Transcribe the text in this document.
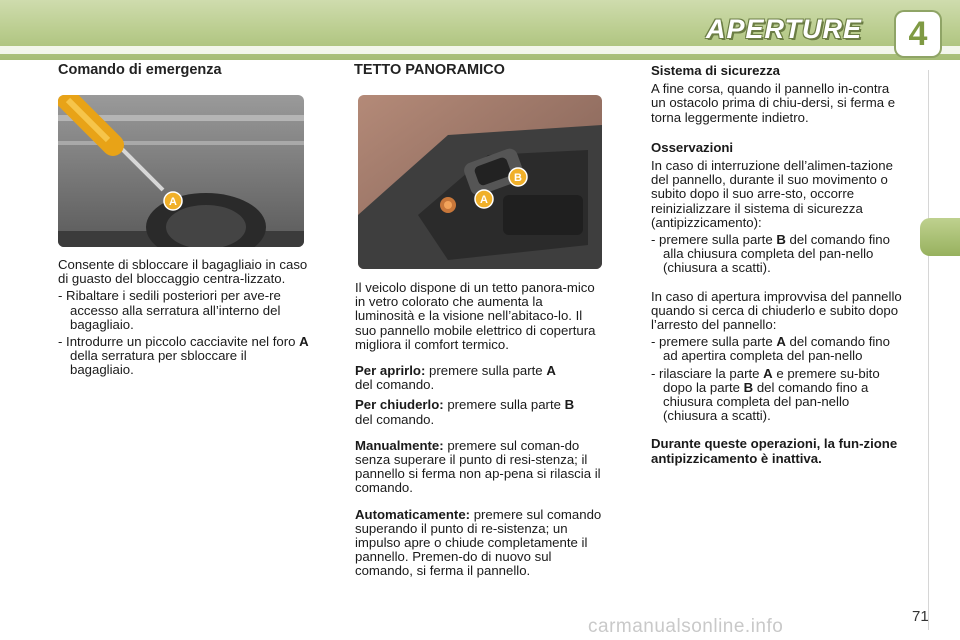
APERTURE	4
Comando di emergenza
A

Consente di sbloccare il bagagliaio in caso di guasto del bloccaggio centra-lizzato.

- Ribaltare i sedili posteriori per ave-re accesso alla serratura all’interno del bagagliaio.

- Introdurre un piccolo cacciavite nel foro A della serratura per sbloccare il bagagliaio.

TETTO PANORAMICO
B
A

Il veicolo dispone di un tetto panora-mico in vetro colorato che aumenta la luminosità e la visione nell’abitaco-lo. Il suo pannello mobile elettrico di copertura migliora il comfort termico.

Per aprirlo: premere sulla parte A
del comando.

Per chiuderlo: premere sulla parte B
del comando.

Manualmente: premere sul coman-do senza superare il punto di resi-stenza; il pannello si ferma non ap-pena si rilascia il comando.

Automaticamente: premere sul comando superando il punto di re-sistenza; un impulso apre o chiude completamente il pannello. Premen-do di nuovo sul comando, si ferma il pannello.

Sistema di sicurezza

A fine corsa, quando il pannello in-contra un ostacolo prima di chiu-dersi, si ferma e torna leggermente indietro.

Osservazioni

In caso di interruzione dell’alimen-tazione del pannello, durante il suo movimento o subito dopo il suo arre-sto, occorre reinizializzare il sistema di sicurezza (antipizzicamento):

- premere sulla parte B del comando fino alla chiusura completa del pan-nello (chiusura a scatti).

In caso di apertura improvvisa del pannello quando si cerca di chiuderlo e subito dopo l’arresto del pannello:

- premere sulla parte A del comando fino ad apertira completa del pan-nello

- rilasciare la parte A e premere su-bito dopo la parte B del comando fino a chiusura completa del pan-nello (chiusura a scatti).

Durante queste operazioni, la fun-zione antipizzicamento è inattiva.

carmanualsonline.info	71
